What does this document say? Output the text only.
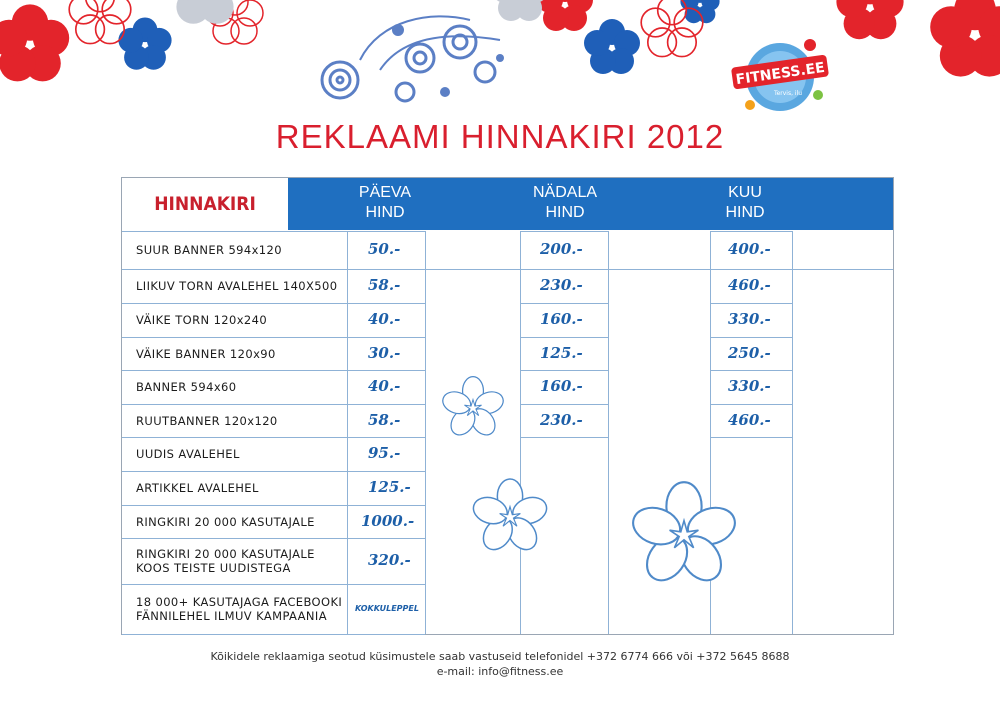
FITNESS.EE
Tervis, ilu
REKLAAMI HINNAKIRI 2012
HINNAKIRI
PÄEVA
HIND
NÄDALA
HIND
KUU
HIND
SUUR BANNER 594x120	50.-	200.-	400.-
LIIKUV TORN AVALEHEL 140X500 58.-	230.-	460.-
VÄIKE TORN 120x240	40.-	160.-	330.-
VÄIKE BANNER 120x90	30.-	125.-	250.-
BANNER 594x60	40.-	160.-	330.-
RUUTBANNER 120x120	58.-	230.-	460.-
UUDIS AVALEHEL	95.-
ARTIKKEL AVALEHEL	125.-
RINGKIRI 20 000 KASUTAJALE	1000.-
RINGKIRI 20 000 KASUTAJALE
KOOS TEISTE UUDISTEGA	320.-
18 000+ KASUTAJAGA FACEBOOKI
FÄNNILEHEL ILMUV KAMPAANIA
KOKKULEPPEL
Kõikidele reklaamiga seotud küsimustele saab vastuseid telefonidel +372 6774 666 või +372 5645 8688
e-mail: info@fitness.ee
